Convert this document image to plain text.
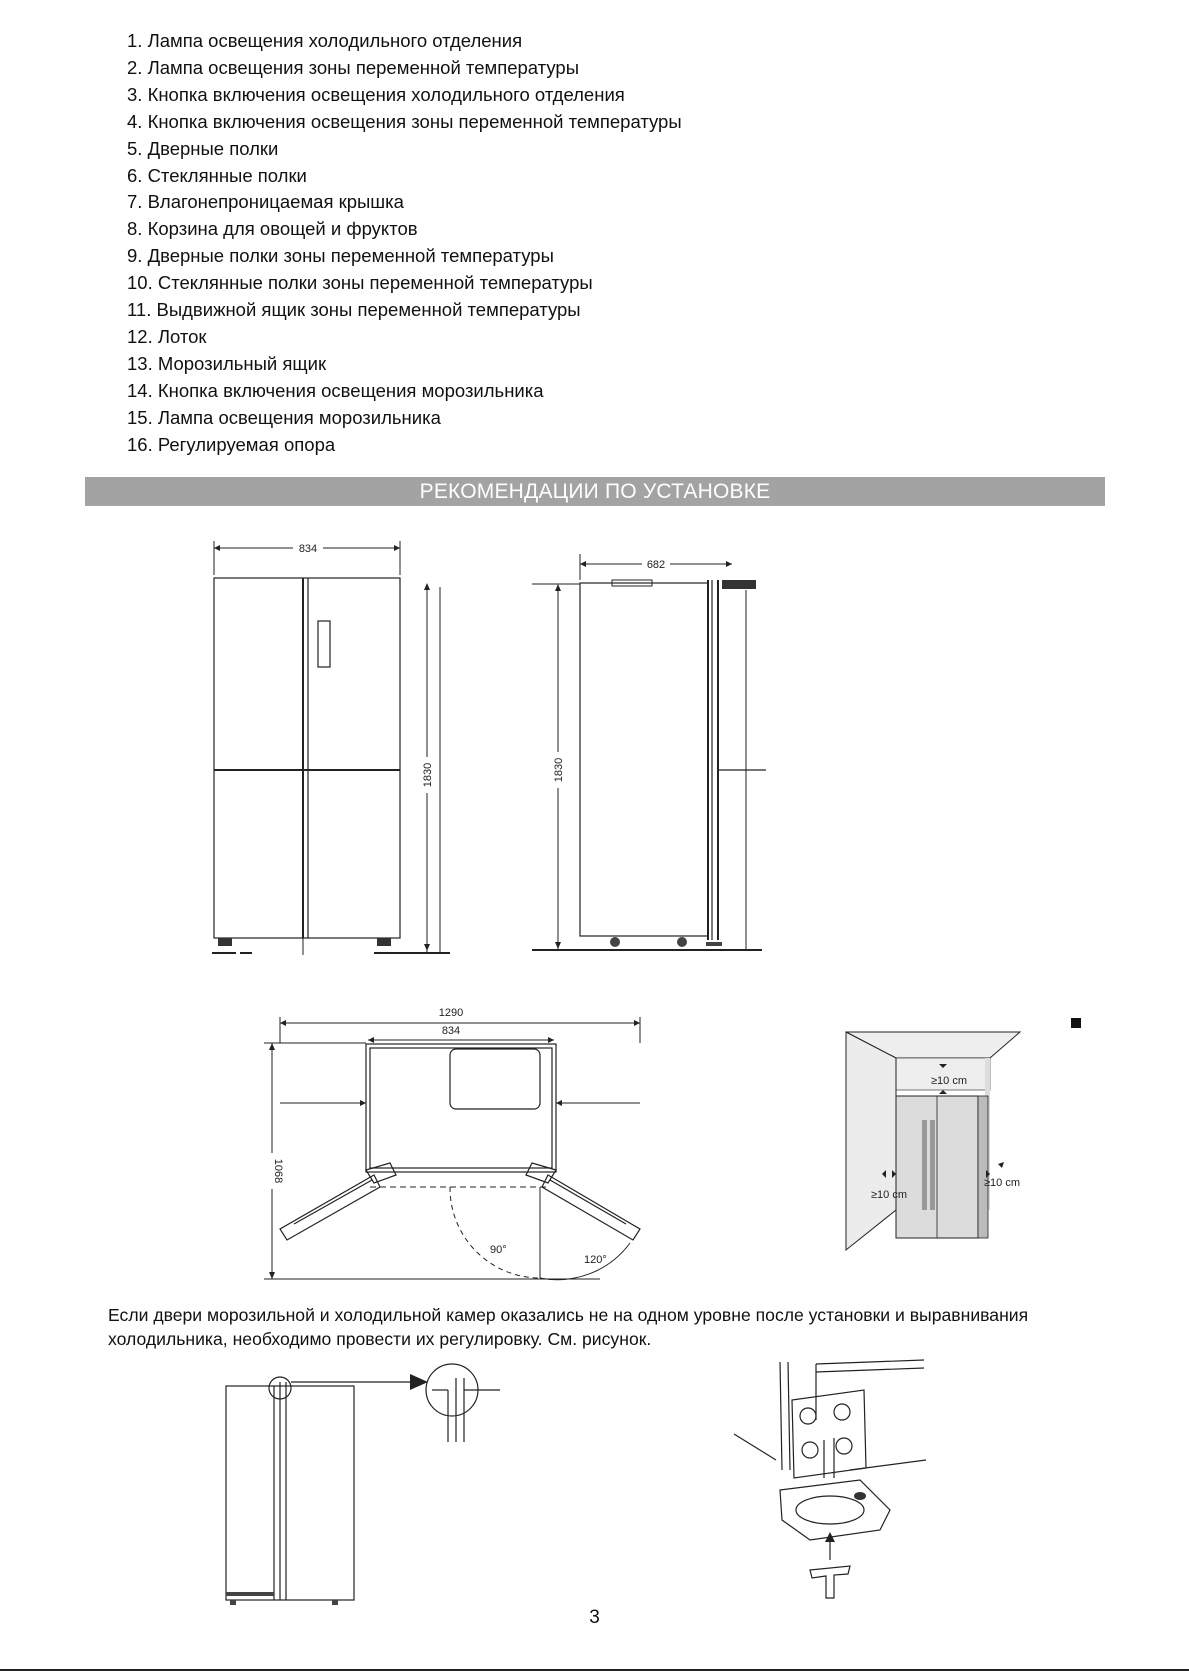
1. Лампа освещения холодильного отделения
2. Лампа освещения зоны переменной температуры
3. Кнопка включения освещения холодильного отделения
4. Кнопка включения освещения зоны переменной температуры
5. Дверные полки
6. Стеклянные полки
7. Влагонепроницаемая крышка
8. Корзина для овощей и фруктов
9. Дверные полки зоны переменной температуры
10. Стеклянные полки зоны переменной температуры
11. Выдвижной ящик зоны переменной температуры
12. Лоток
13. Морозильный ящик
14. Кнопка включения освещения морозильника
15. Лампа освещения морозильника
16. Регулируемая опора
РЕКОМЕНДАЦИИ ПО УСТАНОВКЕ
834
1830
682
1830
1290
834
90°
120°
1068
≥10 cm
≥10 cm
≥10 cm
Если двери морозильной и холодильной камер оказались не на одном уровне после установки и выравнивания холодильника, необходимо провести их регулировку. См. рисунок.
3
